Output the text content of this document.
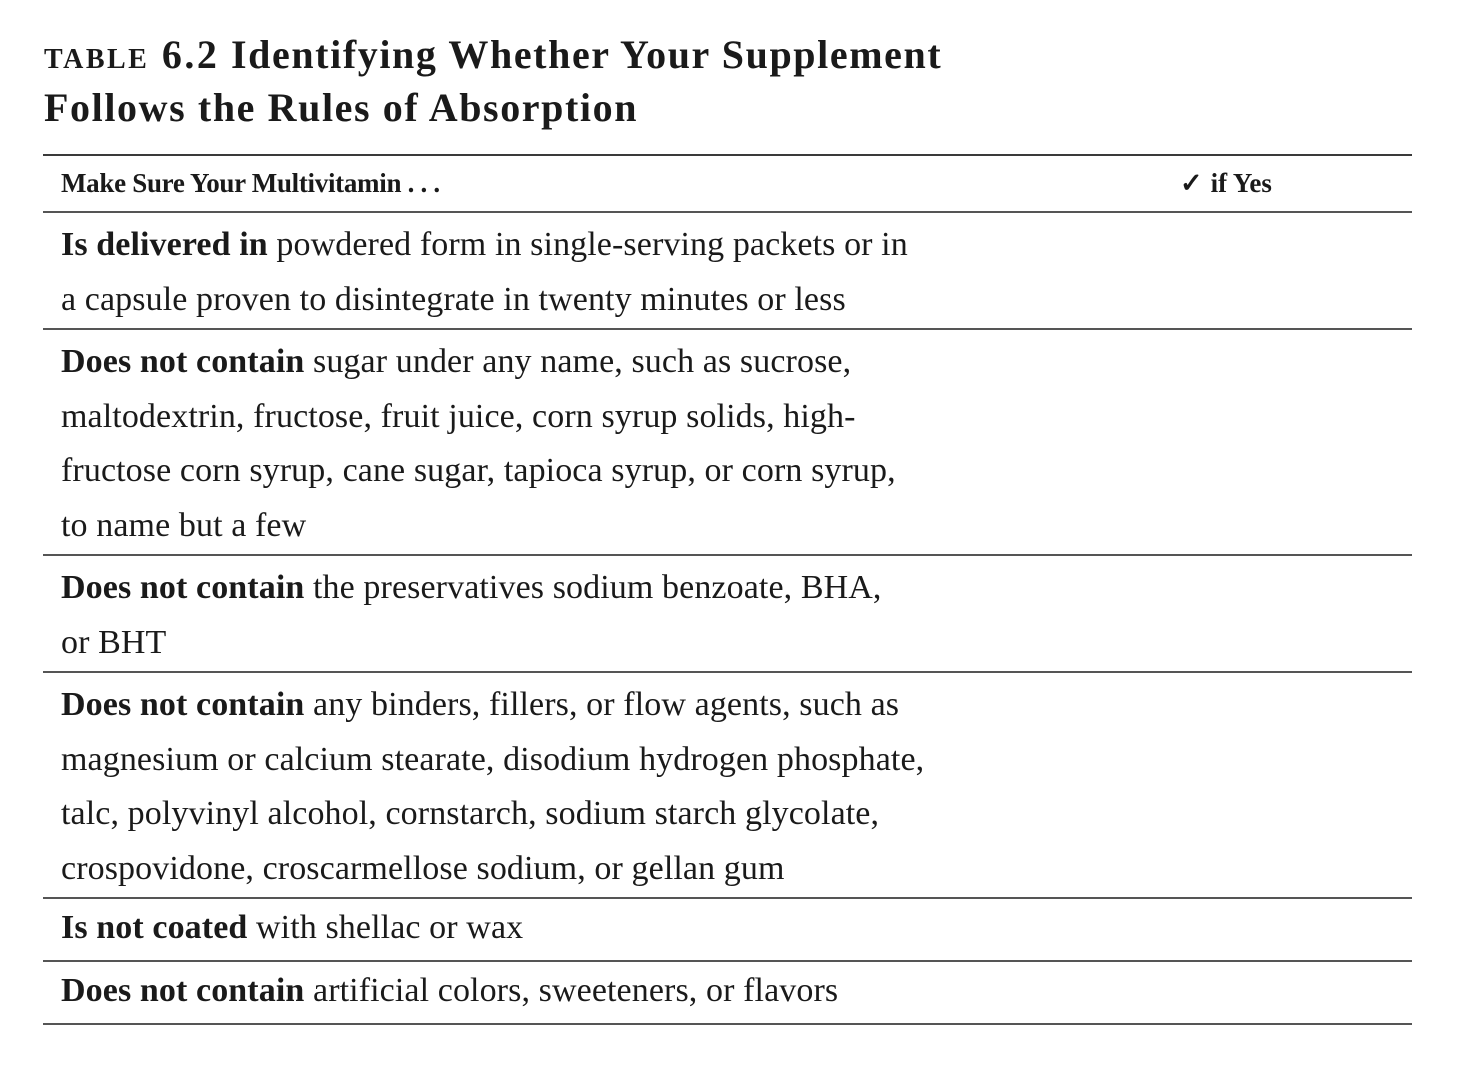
table 6.2 Identifying Whether Your Supplement
Follows the Rules of Absorption
Make Sure Your Multivitamin . . .	✓ if Yes
Is delivered in powdered form in single-serving packets or in
a capsule proven to disintegrate in twenty minutes or less
Does not contain sugar under any name, such as sucrose,
maltodextrin, fructose, fruit juice, corn syrup solids, high-
fructose corn syrup, cane sugar, tapioca syrup, or corn syrup,
to name but a few
Does not contain the preservatives sodium benzoate, BHA,
or BHT
Does not contain any binders, fillers, or flow agents, such as
magnesium or calcium stearate, disodium hydrogen phosphate,
talc, polyvinyl alcohol, cornstarch, sodium starch glycolate,
crospovidone, croscarmellose sodium, or gellan gum
Is not coated with shellac or wax
Does not contain artificial colors, sweeteners, or flavors
